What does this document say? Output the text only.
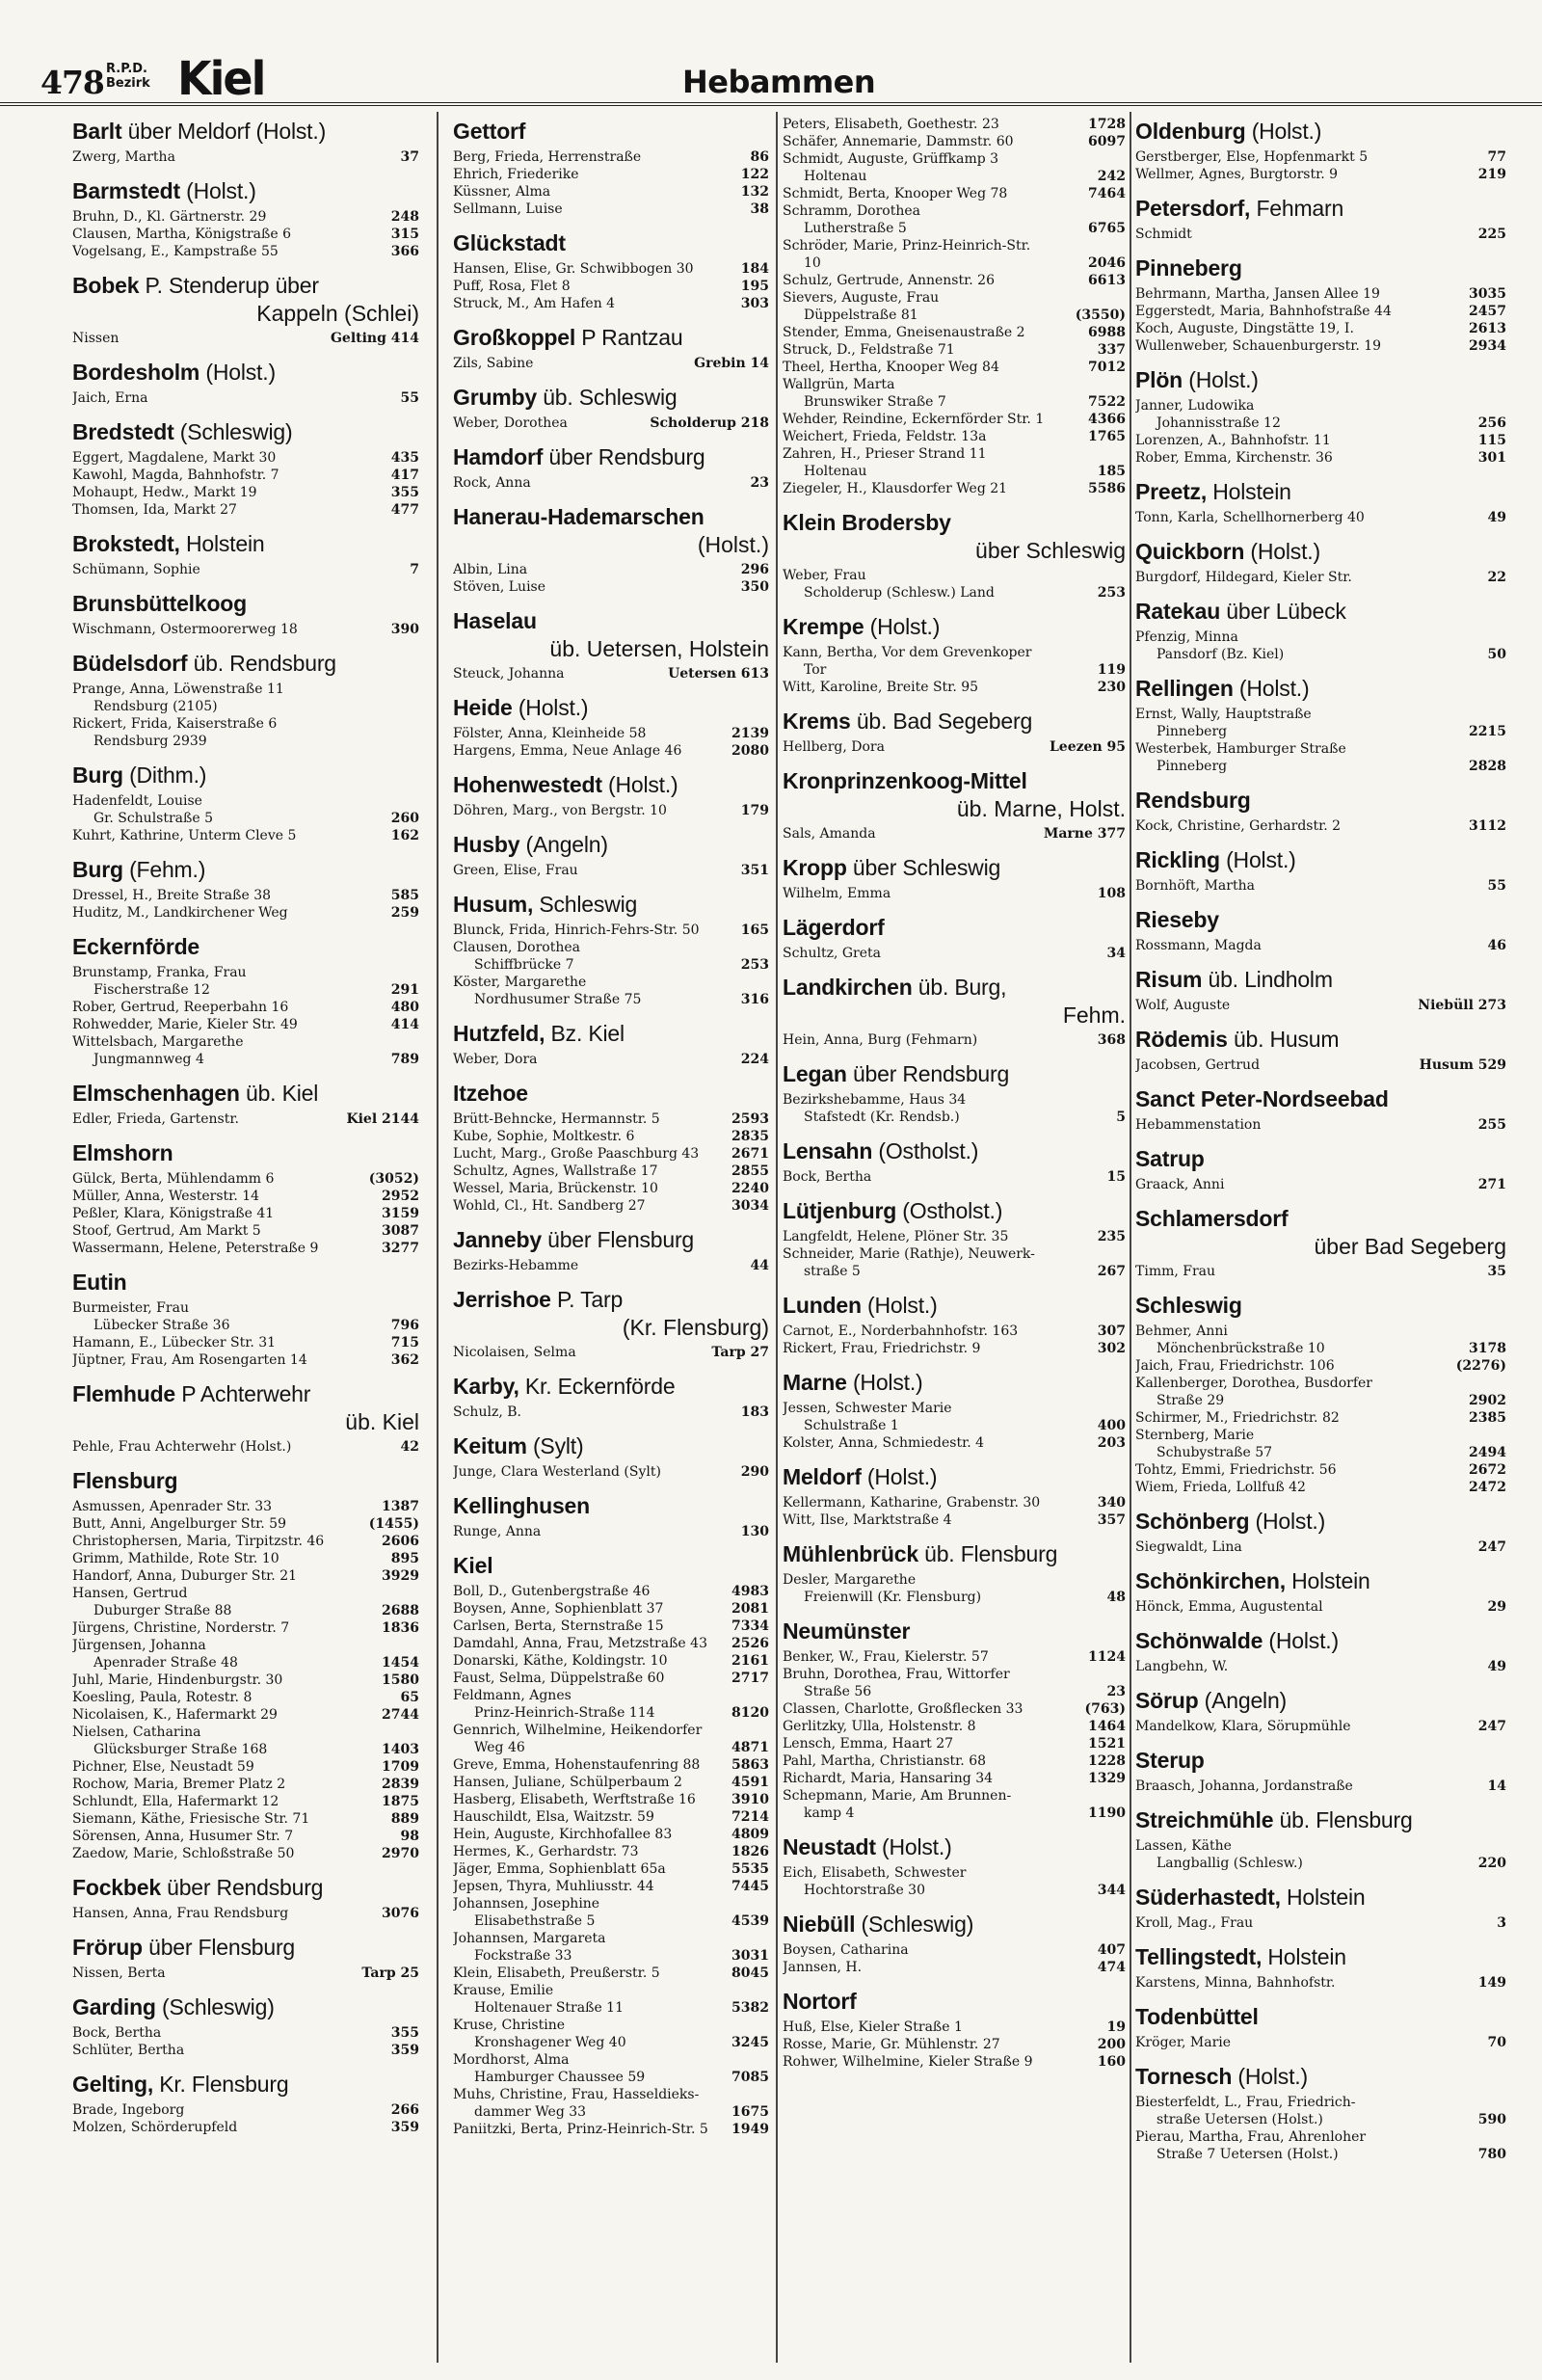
478 R.P.D.
Bezirk Kiel	Hebammen
Barlt über Meldorf (Holst.)
Zwerg, Martha	37
Barmstedt (Holst.)
Bruhn, D., Kl. Gärtnerstr. 29	248
Clausen, Martha, Königstraße 6	315
Vogelsang, E., Kampstraße 55	366
Bobek P. Stenderup über
Kappeln (Schlei)
Nissen	Gelting 414
Bordesholm (Holst.)
Jaich, Erna	55
Bredstedt (Schleswig)
Eggert, Magdalene, Markt 30	435
Kawohl, Magda, Bahnhofstr. 7	417
Mohaupt, Hedw., Markt 19	355
Thomsen, Ida, Markt 27	477
Brokstedt, Holstein
Schümann, Sophie	7
Brunsbüttelkoog
Wischmann, Ostermoorerweg 18	390
Büdelsdorf üb. Rendsburg
Prange, Anna, Löwenstraße 11
Rendsburg (2105)
Rickert, Frida, Kaiserstraße 6
Rendsburg 2939
Burg (Dithm.)
Hadenfeldt, Louise
Gr. Schulstraße 5	260
Kuhrt, Kathrine, Unterm Cleve 5	162
Burg (Fehm.)
Dressel, H., Breite Straße 38	585
Huditz, M., Landkirchener Weg	259
Eckernförde
Brunstamp, Franka, Frau
Fischerstraße 12	291
Rober, Gertrud, Reeperbahn 16	480
Rohwedder, Marie, Kieler Str. 49	414
Wittelsbach, Margarethe
Jungmannweg 4	789
Elmschenhagen üb. Kiel
Edler, Frieda, Gartenstr.	Kiel 2144
Elmshorn
Gülck, Berta, Mühlendamm 6	(3052)
Müller, Anna, Westerstr. 14	2952
Peßler, Klara, Königstraße 41	3159
Stoof, Gertrud, Am Markt 5	3087
Wassermann, Helene, Peterstraße 9	3277
Eutin
Burmeister, Frau
Lübecker Straße 36	796
Hamann, E., Lübecker Str. 31	715
Jüptner, Frau, Am Rosengarten 14	362
Flemhude P Achterwehr
üb. Kiel
Pehle, Frau Achterwehr (Holst.)	42
Flensburg
Asmussen, Apenrader Str. 33	1387
Butt, Anni, Angelburger Str. 59	(1455)
Christophersen, Maria, Tirpitzstr. 46	2606
Grimm, Mathilde, Rote Str. 10	895
Handorf, Anna, Duburger Str. 21	3929
Hansen, Gertrud
Duburger Straße 88	2688
Jürgens, Christine, Norderstr. 7	1836
Jürgensen, Johanna
Apenrader Straße 48	1454
Juhl, Marie, Hindenburgstr. 30	1580
Koesling, Paula, Rotestr. 8	65
Nicolaisen, K., Hafermarkt 29	2744
Nielsen, Catharina
Glücksburger Straße 168	1403
Pichner, Else, Neustadt 59	1709
Rochow, Maria, Bremer Platz 2	2839
Schlundt, Ella, Hafermarkt 12	1875
Siemann, Käthe, Friesische Str. 71	889
Sörensen, Anna, Husumer Str. 7	98
Zaedow, Marie, Schloßstraße 50	2970
Fockbek über Rendsburg
Hansen, Anna, Frau Rendsburg	3076
Frörup über Flensburg
Nissen, Berta	Tarp 25
Garding (Schleswig)
Bock, Bertha	355
Schlüter, Bertha	359
Gelting, Kr. Flensburg
Brade, Ingeborg	266
Molzen, Schörderupfeld	359
Gettorf
Berg, Frieda, Herrenstraße	86
Ehrich, Friederike	122
Küssner, Alma	132
Sellmann, Luise	38
Glückstadt
Hansen, Elise, Gr. Schwibbogen 30	184
Puff, Rosa, Flet 8	195
Struck, M., Am Hafen 4	303
Großkoppel P Rantzau
Zils, Sabine	Grebin 14
Grumby üb. Schleswig
Weber, Dorothea	Scholderup 218
Hamdorf über Rendsburg
Rock, Anna	23
Hanerau-Hademarschen
(Holst.)
Albin, Lina	296
Stöven, Luise	350
Haselau
üb. Uetersen, Holstein
Steuck, Johanna	Uetersen 613
Heide (Holst.)
Fölster, Anna, Kleinheide 58	2139
Hargens, Emma, Neue Anlage 46	2080
Hohenwestedt (Holst.)
Döhren, Marg., von Bergstr. 10	179
Husby (Angeln)
Green, Elise, Frau	351
Husum, Schleswig
Blunck, Frida, Hinrich-Fehrs-Str. 50	165
Clausen, Dorothea
Schiffbrücke 7	253
Köster, Margarethe
Nordhusumer Straße 75	316
Hutzfeld, Bz. Kiel
Weber, Dora	224
Itzehoe
Brütt-Behncke, Hermannstr. 5	2593
Kube, Sophie, Moltkestr. 6	2835
Lucht, Marg., Große Paaschburg 43	2671
Schultz, Agnes, Wallstraße 17	2855
Wessel, Maria, Brückenstr. 10	2240
Wohld, Cl., Ht. Sandberg 27	3034
Janneby über Flensburg
Bezirks-Hebamme	44
Jerrishoe P. Tarp
(Kr. Flensburg)
Nicolaisen, Selma	Tarp 27
Karby, Kr. Eckernförde
Schulz, B.	183
Keitum (Sylt)
Junge, Clara Westerland (Sylt)	290
Kellinghusen
Runge, Anna	130
Kiel
Boll, D., Gutenbergstraße 46	4983
Boysen, Anne, Sophienblatt 37	2081
Carlsen, Berta, Sternstraße 15	7334
Damdahl, Anna, Frau, Metzstraße 43	2526
Donarski, Käthe, Koldingstr. 10	2161
Faust, Selma, Düppelstraße 60	2717
Feldmann, Agnes
Prinz-Heinrich-Straße 114	8120
Gennrich, Wilhelmine, Heikendorfer
Weg 46	4871
Greve, Emma, Hohenstaufenring 88	5863
Hansen, Juliane, Schülperbaum 2	4591
Hasberg, Elisabeth, Werftstraße 16	3910
Hauschildt, Elsa, Waitzstr. 59	7214
Hein, Auguste, Kirchhofallee 83	4809
Hermes, K., Gerhardstr. 73	1826
Jäger, Emma, Sophienblatt 65a	5535
Jepsen, Thyra, Muhliusstr. 44	7445
Johannsen, Josephine
Elisabethstraße 5	4539
Johannsen, Margareta
Fockstraße 33	3031
Klein, Elisabeth, Preußerstr. 5	8045
Krause, Emilie
Holtenauer Straße 11	5382
Kruse, Christine
Kronshagener Weg 40	3245
Mordhorst, Alma
Hamburger Chaussee 59	7085
Muhs, Christine, Frau, Hasseldieks-
dammer Weg 33	1675
Paniitzki, Berta, Prinz-Heinrich-Str. 5	1949
Peters, Elisabeth, Goethestr. 23	1728
Schäfer, Annemarie, Dammstr. 60	6097
Schmidt, Auguste, Grüffkamp 3
Holtenau	242
Schmidt, Berta, Knooper Weg 78	7464
Schramm, Dorothea
Lutherstraße 5	6765
Schröder, Marie, Prinz-Heinrich-Str.
10	2046
Schulz, Gertrude, Annenstr. 26	6613
Sievers, Auguste, Frau
Düppelstraße 81	(3550)
Stender, Emma, Gneisenaustraße 2	6988
Struck, D., Feldstraße 71	337
Theel, Hertha, Knooper Weg 84	7012
Wallgrün, Marta
Brunswiker Straße 7	7522
Wehder, Reindine, Eckernförder Str. 1	4366
Weichert, Frieda, Feldstr. 13a	1765
Zahren, H., Prieser Strand 11
Holtenau	185
Ziegeler, H., Klausdorfer Weg 21	5586
Klein Brodersby
über Schleswig
Weber, Frau
Scholderup (Schlesw.) Land	253
Krempe (Holst.)
Kann, Bertha, Vor dem Grevenkoper
Tor	119
Witt, Karoline, Breite Str. 95	230
Krems üb. Bad Segeberg
Hellberg, Dora	Leezen 95
Kronprinzenkoog-Mittel
üb. Marne, Holst.
Sals, Amanda	Marne 377
Kropp über Schleswig
Wilhelm, Emma	108
Lägerdorf
Schultz, Greta	34
Landkirchen üb. Burg,
Fehm.
Hein, Anna, Burg (Fehmarn)	368
Legan über Rendsburg
Bezirkshebamme, Haus 34
Stafstedt (Kr. Rendsb.)	5
Lensahn (Ostholst.)
Bock, Bertha	15
Lütjenburg (Ostholst.)
Langfeldt, Helene, Plöner Str. 35	235
Schneider, Marie (Rathje), Neuwerk-
straße 5	267
Lunden (Holst.)
Carnot, E., Norderbahnhofstr. 163	307
Rickert, Frau, Friedrichstr. 9	302
Marne (Holst.)
Jessen, Schwester Marie
Schulstraße 1	400
Kolster, Anna, Schmiedestr. 4	203
Meldorf (Holst.)
Kellermann, Katharine, Grabenstr. 30	340
Witt, Ilse, Marktstraße 4	357
Mühlenbrück üb. Flensburg
Desler, Margarethe
Freienwill (Kr. Flensburg)	48
Neumünster
Benker, W., Frau, Kielerstr. 57	1124
Bruhn, Dorothea, Frau, Wittorfer
Straße 56	23
Classen, Charlotte, Großflecken 33	(763)
Gerlitzky, Ulla, Holstenstr. 8	1464
Lensch, Emma, Haart 27	1521
Pahl, Martha, Christianstr. 68	1228
Richardt, Maria, Hansaring 34	1329
Schepmann, Marie, Am Brunnen-
kamp 4	1190
Neustadt (Holst.)
Eich, Elisabeth, Schwester
Hochtorstraße 30	344
Niebüll (Schleswig)
Boysen, Catharina	407
Jannsen, H.	474
Nortorf
Huß, Else, Kieler Straße 1	19
Rosse, Marie, Gr. Mühlenstr. 27	200
Rohwer, Wilhelmine, Kieler Straße 9	160
Oldenburg (Holst.)
Gerstberger, Else, Hopfenmarkt 5	77
Wellmer, Agnes, Burgtorstr. 9	219
Petersdorf, Fehmarn
Schmidt	225
Pinneberg
Behrmann, Martha, Jansen Allee 19	3035
Eggerstedt, Maria, Bahnhofstraße 44	2457
Koch, Auguste, Dingstätte 19, I.	2613
Wullenweber, Schauenburgerstr. 19	2934
Plön (Holst.)
Janner, Ludowika
Johannisstraße 12	256
Lorenzen, A., Bahnhofstr. 11	115
Rober, Emma, Kirchenstr. 36	301
Preetz, Holstein
Tonn, Karla, Schellhornerberg 40	49
Quickborn (Holst.)
Burgdorf, Hildegard, Kieler Str.	22
Ratekau über Lübeck
Pfenzig, Minna
Pansdorf (Bz. Kiel)	50
Rellingen (Holst.)
Ernst, Wally, Hauptstraße
Pinneberg	2215
Westerbek, Hamburger Straße
Pinneberg	2828
Rendsburg
Kock, Christine, Gerhardstr. 2	3112
Rickling (Holst.)
Bornhöft, Martha	55
Rieseby
Rossmann, Magda	46
Risum üb. Lindholm
Wolf, Auguste	Niebüll 273
Rödemis üb. Husum
Jacobsen, Gertrud	Husum 529
Sanct Peter-Nordseebad
Hebammenstation	255
Satrup
Graack, Anni	271
Schlamersdorf
über Bad Segeberg
Timm, Frau	35
Schleswig
Behmer, Anni
Mönchenbrückstraße 10	3178
Jaich, Frau, Friedrichstr. 106	(2276)
Kallenberger, Dorothea, Busdorfer
Straße 29	2902
Schirmer, M., Friedrichstr. 82	2385
Sternberg, Marie
Schubystraße 57	2494
Tohtz, Emmi, Friedrichstr. 56	2672
Wiem, Frieda, Lollfuß 42	2472
Schönberg (Holst.)
Siegwaldt, Lina	247
Schönkirchen, Holstein
Hönck, Emma, Augustental	29
Schönwalde (Holst.)
Langbehn, W.	49
Sörup (Angeln)
Mandelkow, Klara, Sörupmühle	247
Sterup
Braasch, Johanna, Jordanstraße	14
Streichmühle üb. Flensburg
Lassen, Käthe
Langballig (Schlesw.)	220
Süderhastedt, Holstein
Kroll, Mag., Frau	3
Tellingstedt, Holstein
Karstens, Minna, Bahnhofstr.	149
Todenbüttel
Kröger, Marie	70
Tornesch (Holst.)
Biesterfeldt, L., Frau, Friedrich-
straße Uetersen (Holst.)	590
Pierau, Martha, Frau, Ahrenloher
Straße 7 Uetersen (Holst.)	780
